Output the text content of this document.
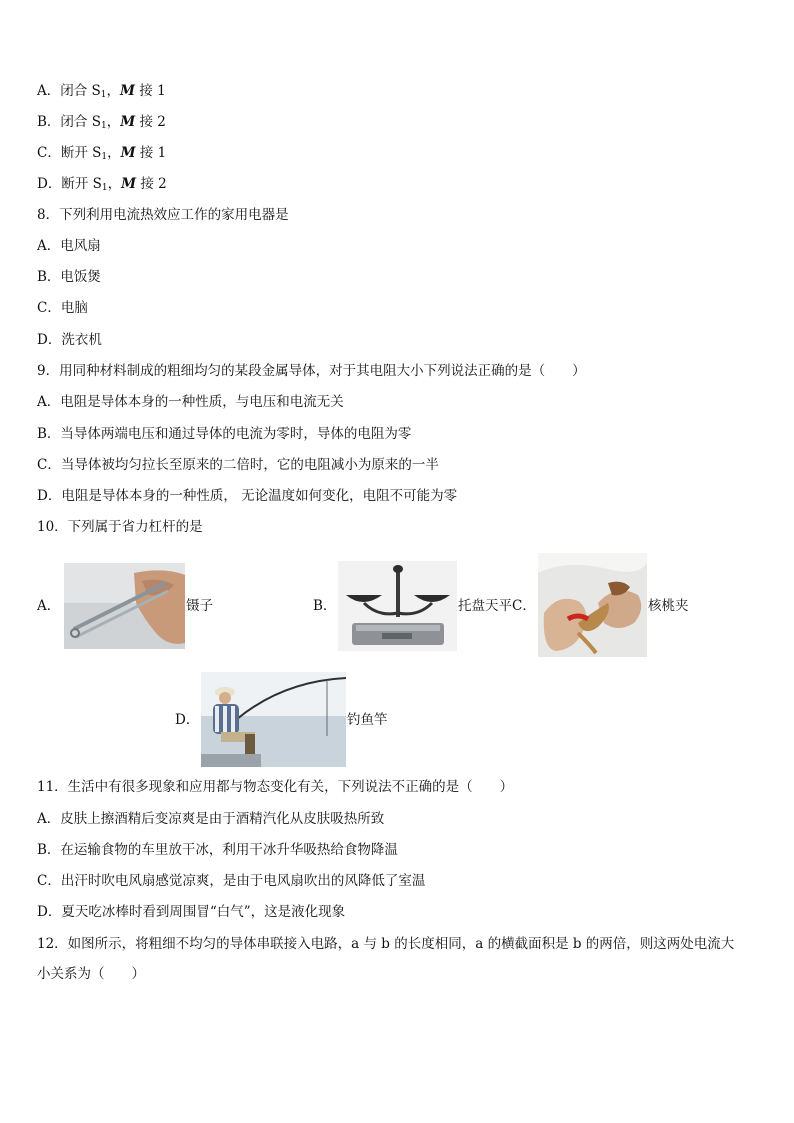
A．闭合 $S_1$，M 接 1
B．闭合 $S_1$，M 接 2
C．断开 $S_1$，M 接 1
D．断开 $S_1$，M 接 2
8．下列利用电流热效应工作的家用电器是
A．电风扇
B．电饭煲
C．电脑
D．洗衣机
9．用同种材料制成的粗细均匀的某段金属导体，对于其电阻大小下列说法正确的是（　　）
A．电阻是导体本身的一种性质，与电压和电流无关
B．当导体两端电压和通过导体的电流为零时，导体的电阻为零
C．当导体被均匀拉长至原来的二倍时，它的电阻减小为原来的一半
D．电阻是导体本身的一种性质， 无论温度如何变化，电阻不可能为零
10．下列属于省力杠杆的是
A．	镊子	B．	托盘天平C．	核桃夹
D．	钓鱼竿
11．生活中有很多现象和应用都与物态变化有关，下列说法不正确的是（　　）
A．皮肤上擦酒精后变凉爽是由于酒精汽化从皮肤吸热所致
B．在运输食物的车里放干冰，利用干冰升华吸热给食物降温
C．出汗时吹电风扇感觉凉爽，是由于电风扇吹出的风降低了室温
D．夏天吃冰棒时看到周围冒“白气”，这是液化现象
12．如图所示，将粗细不均匀的导体串联接入电路，a 与 b 的长度相同，a 的横截面积是 b 的两倍，则这两处电流大
小关系为（　　）
